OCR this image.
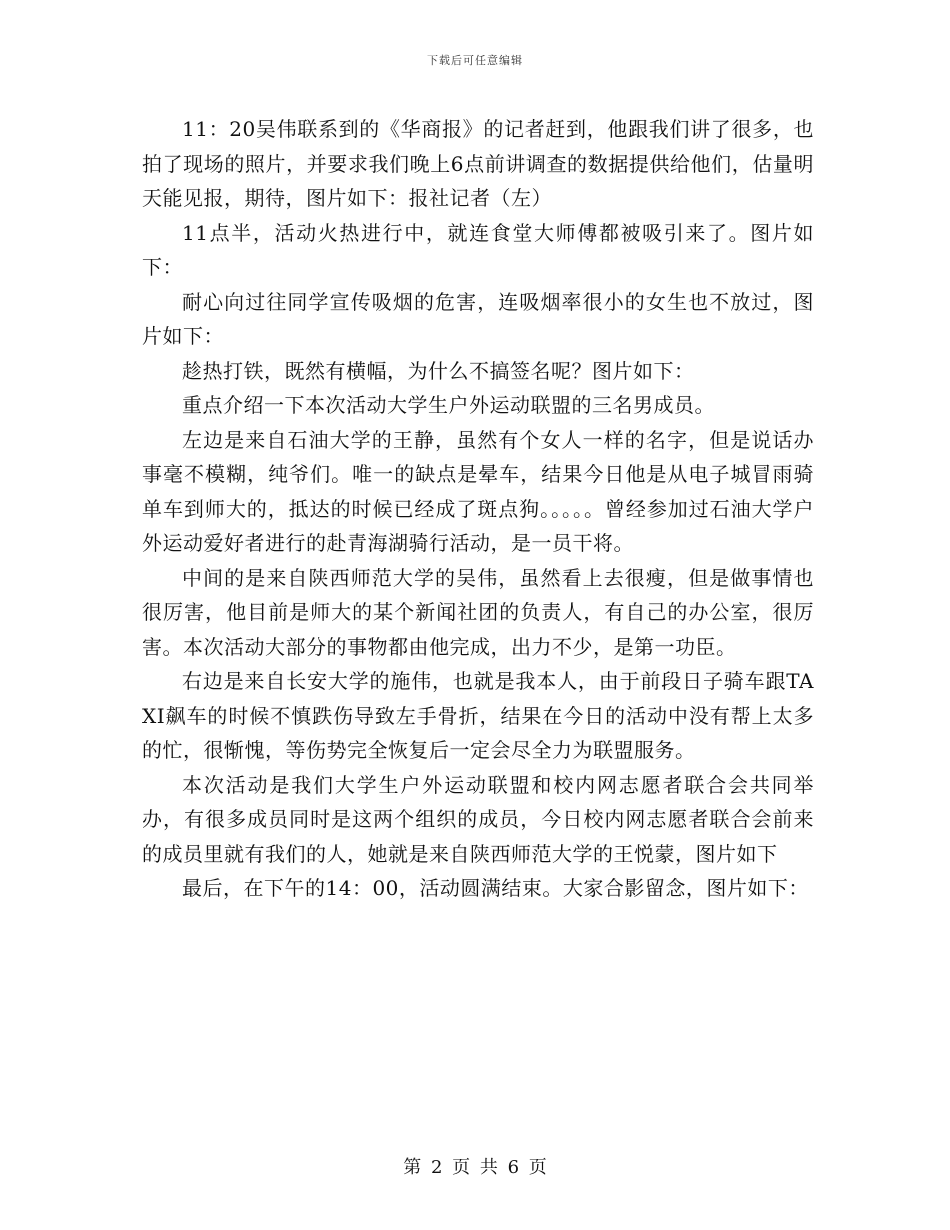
下载后可任意编辑

11：20吴伟联系到的《华商报》的记者赶到，他跟我们讲了很多，也拍了现场的照片，并要求我们晚上6点前讲调查的数据提供给他们，估量明天能见报，期待，图片如下：报社记者（左）

11点半，活动火热进行中，就连食堂大师傅都被吸引来了。图片如下：

耐心向过往同学宣传吸烟的危害，连吸烟率很小的女生也不放过，图片如下：

趁热打铁，既然有横幅，为什么不搞签名呢？图片如下：

重点介绍一下本次活动大学生户外运动联盟的三名男成员。

左边是来自石油大学的王静，虽然有个女人一样的名字，但是说话办事毫不模糊，纯爷们。唯一的缺点是晕车，结果今日他是从电子城冒雨骑单车到师大的，抵达的时候已经成了斑点狗。。。。。曾经参加过石油大学户外运动爱好者进行的赴青海湖骑行活动，是一员干将。

中间的是来自陕西师范大学的吴伟，虽然看上去很瘦，但是做事情也很厉害，他目前是师大的某个新闻社团的负责人，有自己的办公室，很厉害。本次活动大部分的事物都由他完成，出力不少，是第一功臣。

右边是来自长安大学的施伟，也就是我本人，由于前段日子骑车跟TAXI飙车的时候不慎跌伤导致左手骨折，结果在今日的活动中没有帮上太多的忙，很惭愧，等伤势完全恢复后一定会尽全力为联盟服务。

本次活动是我们大学生户外运动联盟和校内网志愿者联合会共同举办，有很多成员同时是这两个组织的成员，今日校内网志愿者联合会前来的成员里就有我们的人，她就是来自陕西师范大学的王悦蒙，图片如下

最后，在下午的14：00，活动圆满结束。大家合影留念，图片如下：

第 2 页 共 6 页
